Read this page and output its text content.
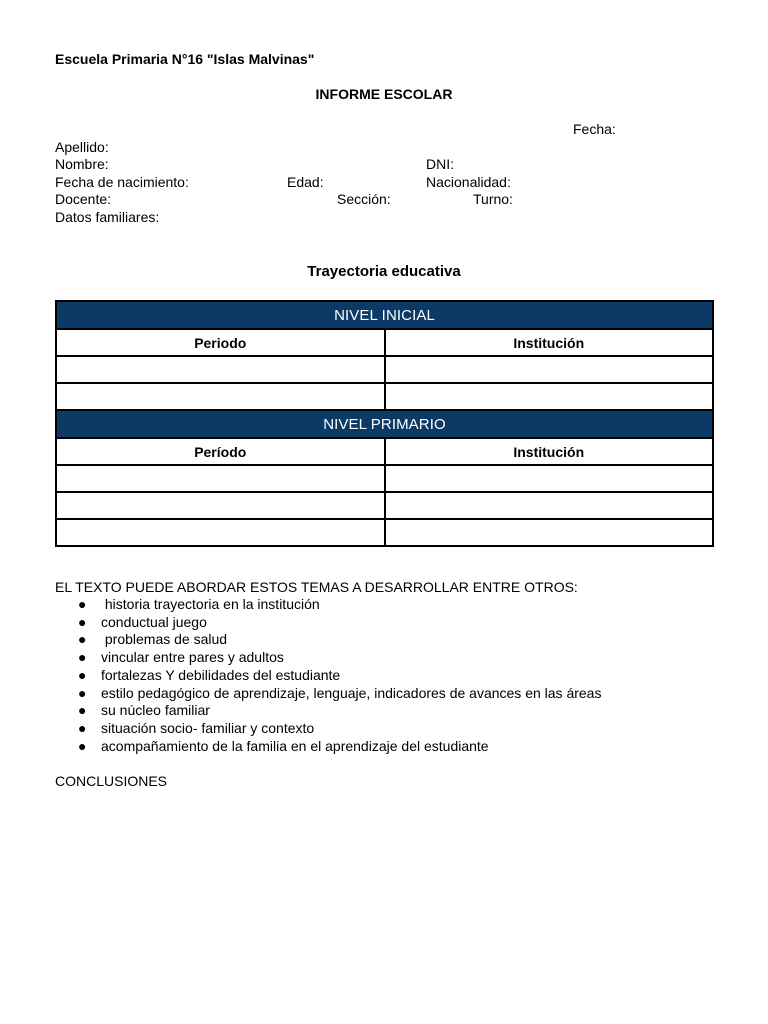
Escuela Primaria N°16 "Islas Malvinas"
INFORME ESCOLAR
Fecha:
Apellido:
Nombre:	DNI:
Fecha de nacimiento:	Edad:	Nacionalidad:
Docente:	Sección:	Turno:
Datos familiares:
Trayectoria educativa
NIVEL INICIAL	
Periodo	Institución

NIVEL PRIMARIO	
Período	Institución

EL TEXTO PUEDE ABORDAR ESTOS TEMAS A DESARROLLAR ENTRE OTROS:
● historia trayectoria en la institución
● conductual juego
● problemas de salud
● vincular entre pares y adultos
● fortalezas Y debilidades del estudiante
● estilo pedagógico de aprendizaje, lenguaje, indicadores de avances en las áreas
● su núcleo familiar
● situación socio- familiar y contexto
● acompañamiento de la familia en el aprendizaje del estudiante
CONCLUSIONES
